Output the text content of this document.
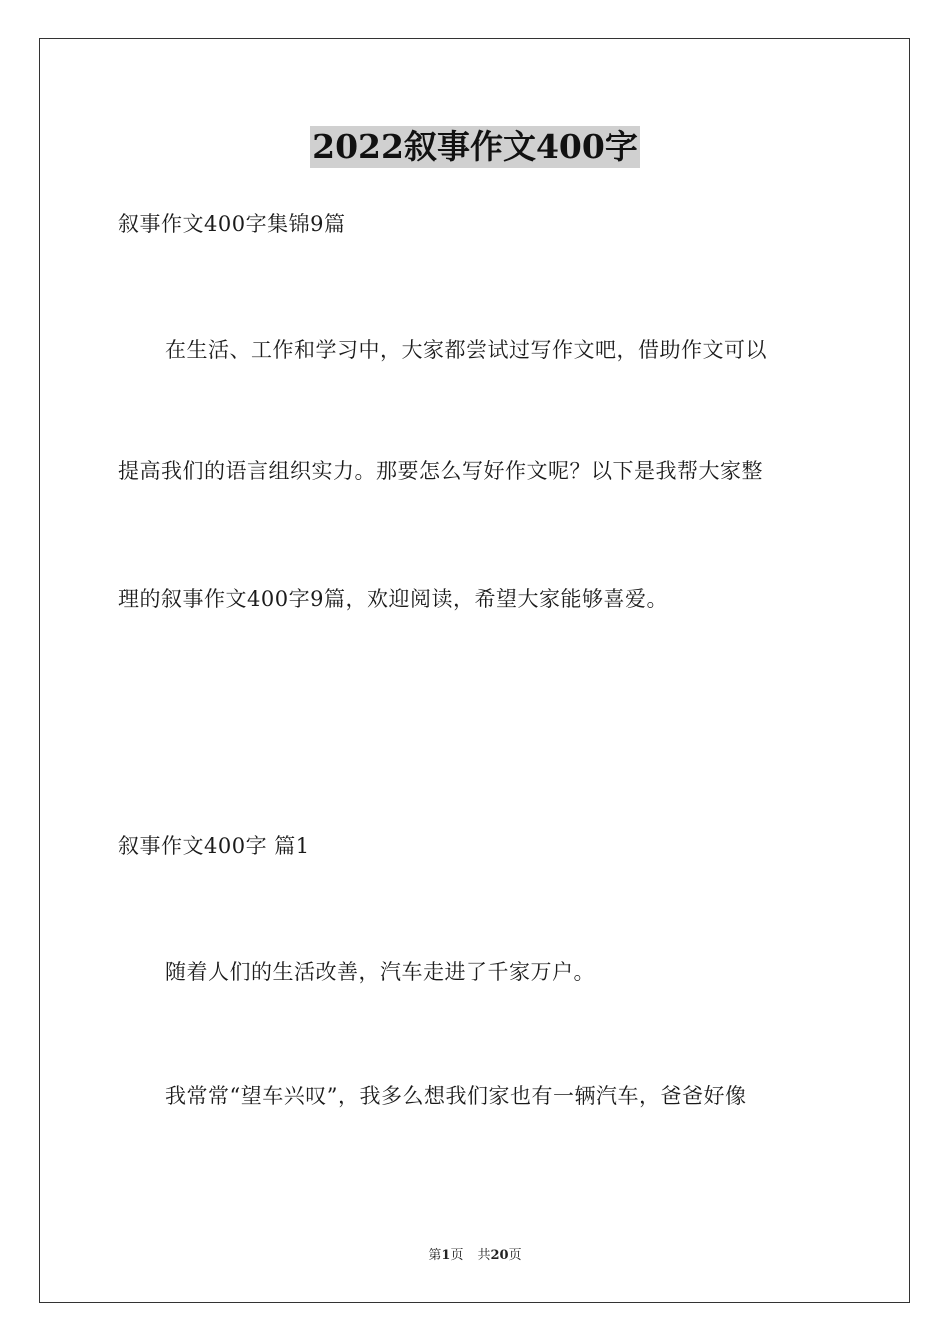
2022叙事作文400字
叙事作文400字集锦9篇
在生活、工作和学习中，大家都尝试过写作文吧，借助作文可以
提高我们的语言组织实力。那要怎么写好作文呢？以下是我帮大家整
理的叙事作文400字9篇，欢迎阅读，希望大家能够喜爱。
叙事作文400字 篇1
随着人们的生活改善，汽车走进了千家万户。
我常常“望车兴叹”，我多么想我们家也有一辆汽车，爸爸好像
第1页 共20页
